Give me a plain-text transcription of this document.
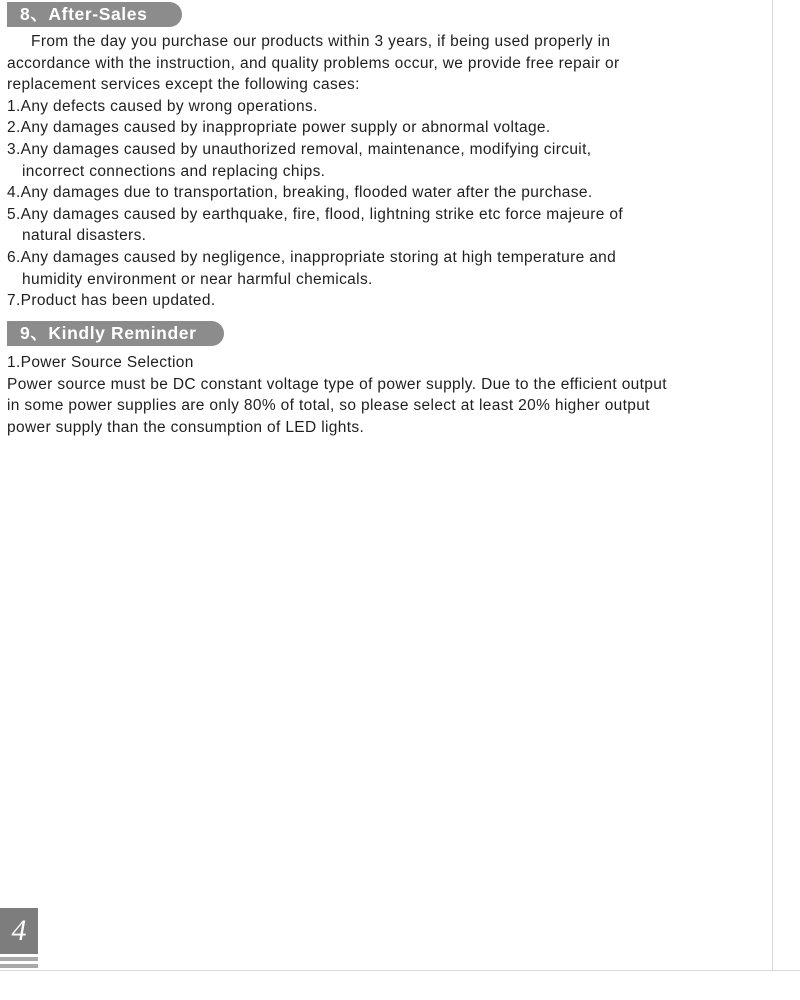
8、After-Sales
From the day you purchase our products within 3 years, if being used properly in
accordance with the instruction, and quality problems occur, we provide free repair or
replacement services except the following cases:
1.Any defects caused by wrong operations.
2.Any damages caused by inappropriate power supply or abnormal voltage.
3.Any damages caused by unauthorized removal, maintenance, modifying circuit,
incorrect connections and replacing chips.
4.Any damages due to transportation, breaking, flooded water after the purchase.
5.Any damages caused by earthquake, fire, flood, lightning strike etc force majeure of
natural disasters.
6.Any damages caused by negligence, inappropriate storing at high temperature and
humidity environment or near harmful chemicals.
7.Product has been updated.
9、Kindly Reminder
1.Power Source Selection
Power source must be DC constant voltage type of power supply. Due to the efficient output
in some power supplies are only 80% of total, so please select at least 20% higher output
power supply than the consumption of LED lights.
4
